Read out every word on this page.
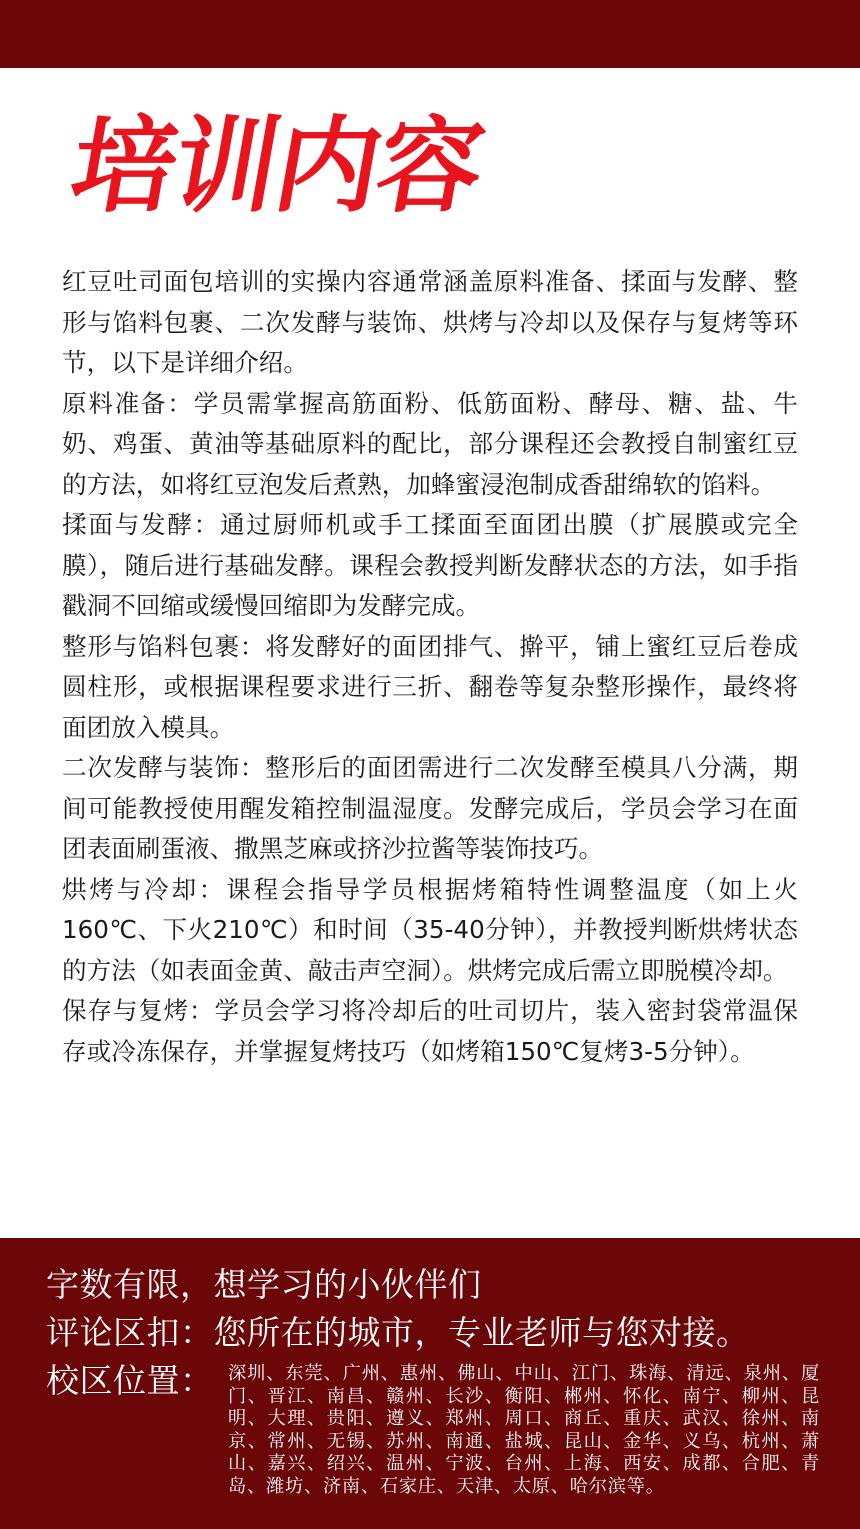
培训内容

红豆吐司面包培训的实操内容通常涵盖原料准备、揉面与发酵、整形与馅料包裹、二次发酵与装饰、烘烤与冷却以及保存与复烤等环节，以下是详细介绍。

原料准备：学员需掌握高筋面粉、低筋面粉、酵母、糖、盐、牛奶、鸡蛋、黄油等基础原料的配比，部分课程还会教授自制蜜红豆的方法，如将红豆泡发后煮熟，加蜂蜜浸泡制成香甜绵软的馅料。

揉面与发酵：通过厨师机或手工揉面至面团出膜（扩展膜或完全膜），随后进行基础发酵。课程会教授判断发酵状态的方法，如手指戳洞不回缩或缓慢回缩即为发酵完成。

整形与馅料包裹：将发酵好的面团排气、擀平，铺上蜜红豆后卷成圆柱形，或根据课程要求进行三折、翻卷等复杂整形操作，最终将面团放入模具。

二次发酵与装饰：整形后的面团需进行二次发酵至模具八分满，期间可能教授使用醒发箱控制温湿度。发酵完成后，学员会学习在面团表面刷蛋液、撒黑芝麻或挤沙拉酱等装饰技巧。

烘烤与冷却：课程会指导学员根据烤箱特性调整温度（如上火160℃、下火210℃）和时间（35-40分钟），并教授判断烘烤状态的方法（如表面金黄、敲击声空洞）。烘烤完成后需立即脱模冷却。

保存与复烤：学员会学习将冷却后的吐司切片，装入密封袋常温保存或冷冻保存，并掌握复烤技巧（如烤箱150℃复烤3-5分钟）。

字数有限，想学习的小伙伴们
评论区扣：您所在的城市，专业老师与您对接。
校区位置： 深圳、东莞、广州、惠州、佛山、中山、江门、珠海、清远、泉州、厦门、晋江、南昌、赣州、长沙、衡阳、郴州、怀化、南宁、柳州、昆明、大理、贵阳、遵义、郑州、周口、商丘、重庆、武汉、徐州、南京、常州、无锡、苏州、南通、盐城、昆山、金华、义乌、杭州、萧山、嘉兴、绍兴、温州、宁波、台州、上海、西安、成都、合肥、青岛、潍坊、济南、石家庄、天津、太原、哈尔滨等。
